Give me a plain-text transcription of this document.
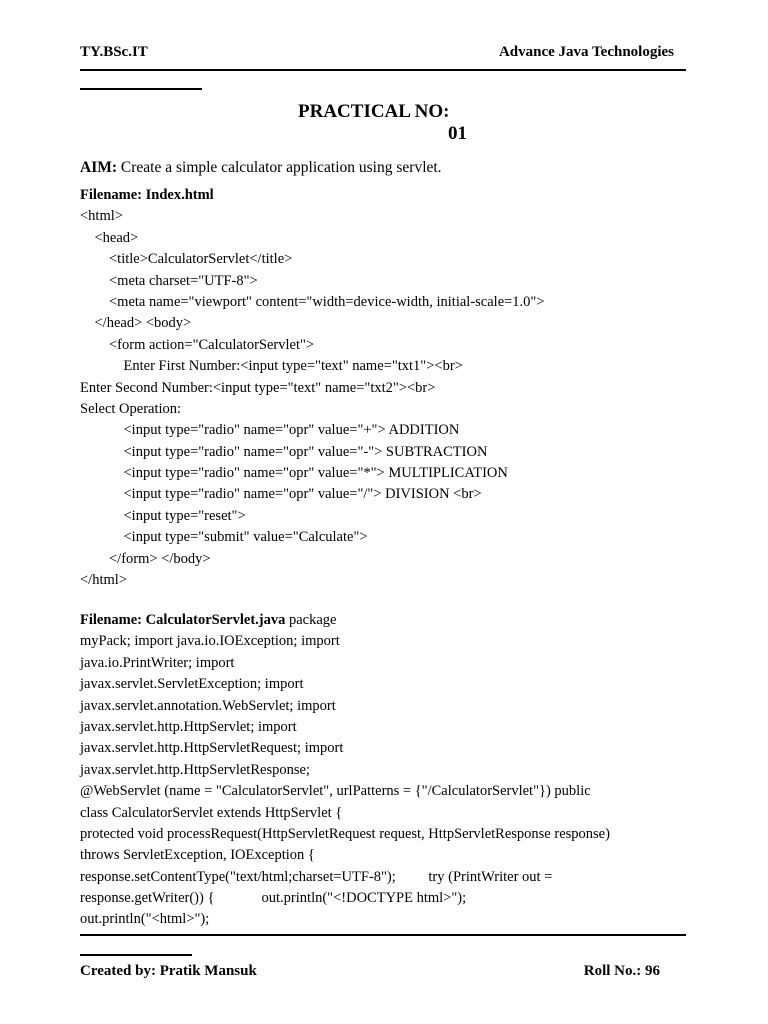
TY.BSc.IT	Advance Java Technologies
PRACTICAL NO:
01
AIM: Create a simple calculator application using servlet.
Filename: Index.html
<html>
<head>
<title>CalculatorServlet</title>
<meta charset="UTF-8">
<meta name="viewport" content="width=device-width, initial-scale=1.0">
</head> <body>
<form action="CalculatorServlet">
Enter First Number:<input type="text" name="txt1"><br>
Enter Second Number:<input type="text" name="txt2"><br>
Select Operation:
<input type="radio" name="opr" value="+"> ADDITION
<input type="radio" name="opr" value="-"> SUBTRACTION
<input type="radio" name="opr" value="*"> MULTIPLICATION
<input type="radio" name="opr" value="/"> DIVISION <br>
<input type="reset">
<input type="submit" value="Calculate">
</form> </body>
</html>
Filename: CalculatorServlet.java package
myPack; import java.io.IOException; import
java.io.PrintWriter; import
javax.servlet.ServletException; import
javax.servlet.annotation.WebServlet; import
javax.servlet.http.HttpServlet; import
javax.servlet.http.HttpServletRequest; import
javax.servlet.http.HttpServletResponse;
@WebServlet (name = "CalculatorServlet", urlPatterns = {"/CalculatorServlet"}) public
class CalculatorServlet extends HttpServlet {
protected void processRequest(HttpServletRequest request, HttpServletResponse response)
throws ServletException, IOException {
response.setContentType("text/html;charset=UTF-8");         try (PrintWriter out =
response.getWriter()) {             out.println("<!DOCTYPE html>");
out.println("<html>");
Created by: Pratik Mansuk	Roll No.: 96
